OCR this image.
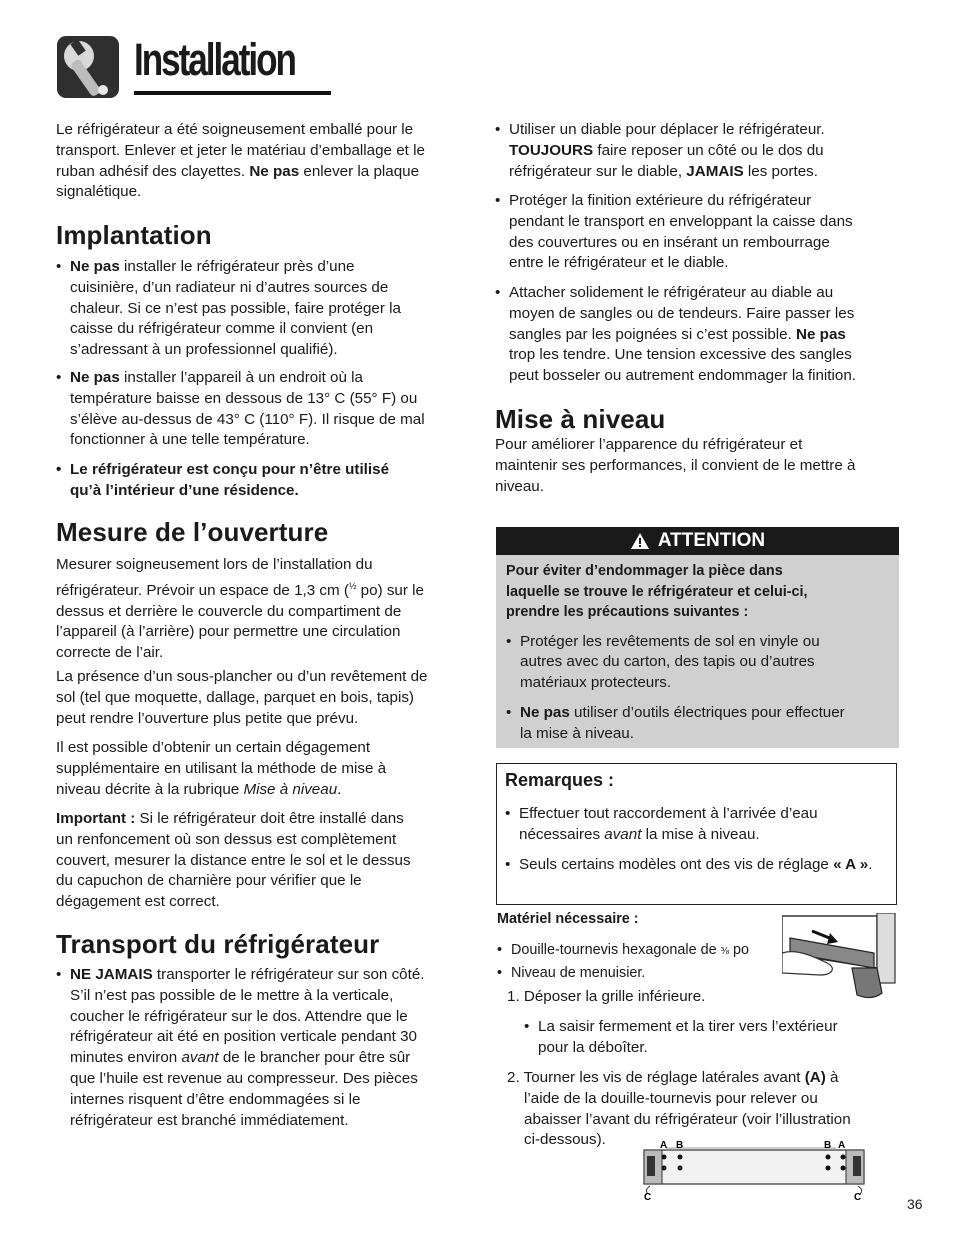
Installation

Le réfrigérateur a été soigneusement emballé pour le
transport. Enlever et jeter le matériau d’emballage et le
ruban adhésif des clayettes. Ne pas enlever la plaque
signalétique.

Implantation

• Ne pas installer le réfrigérateur près d’une
cuisinière, d’un radiateur ni d’autres sources de
chaleur. Si ce n’est pas possible, faire protéger la
caisse du réfrigérateur comme il convient (en
s’adressant à un professionnel qualifié).

• Ne pas installer l’appareil à un endroit où la
température baisse en dessous de 13° C (55° F) ou
s’élève au-dessus de 43° C (110° F). Il risque de mal
fonctionner à une telle température.

• Le réfrigérateur est conçu pour n’être utilisé
qu’à l’intérieur d’une résidence.

Mesure de l’ouverture

Mesurer soigneusement lors de l’installation du
réfrigérateur. Prévoir un espace de 1,3 cm ($^{\frac{1}{2}}$ po) sur le
dessus et derrière le couvercle du compartiment de
l’appareil (à l’arrière) pour permettre une circulation
correcte de l’air.

La présence d’un sous-plancher ou d’un revêtement de
sol (tel que moquette, dallage, parquet en bois, tapis)
peut rendre l’ouverture plus petite que prévu.

Il est possible d’obtenir un certain dégagement
supplémentaire en utilisant la méthode de mise à
niveau décrite à la rubrique Mise à niveau.

Important : Si le réfrigérateur doit être installé dans
un renfoncement où son dessus est complètement
couvert, mesurer la distance entre le sol et le dessus
du capuchon de charnière pour vérifier que le
dégagement est correct.

Transport du réfrigérateur

• NE JAMAIS transporter le réfrigérateur sur son côté.
S’il n’est pas possible de le mettre à la verticale,
coucher le réfrigérateur sur le dos. Attendre que le
réfrigérateur ait été en position verticale pendant 30
minutes environ avant de le brancher pour être sûr
que l’huile est revenue au compresseur. Des pièces
internes risquent d’être endommagées si le
réfrigérateur est branché immédiatement.

• Utiliser un diable pour déplacer le réfrigérateur.
TOUJOURS faire reposer un côté ou le dos du
réfrigérateur sur le diable, JAMAIS les portes.

• Protéger la finition extérieure du réfrigérateur
pendant le transport en enveloppant la caisse dans
des couvertures ou en insérant un rembourrage
entre le réfrigérateur et le diable.

• Attacher solidement le réfrigérateur au diable au
moyen de sangles ou de tendeurs. Faire passer les
sangles par les poignées si c’est possible. Ne pas
trop les tendre. Une tension excessive des sangles
peut bosseler ou autrement endommager la finition.

Mise à niveau

Pour améliorer l’apparence du réfrigérateur et
maintenir ses performances, il convient de le mettre à
niveau.

ATTENTION

Pour éviter d’endommager la pièce dans
laquelle se trouve le réfrigérateur et celui-ci,
prendre les précautions suivantes :

• Protéger les revêtements de sol en vinyle ou
autres avec du carton, des tapis ou d’autres
matériaux protecteurs.

• Ne pas utiliser d’outils électriques pour effectuer
la mise à niveau.

Remarques :

• Effectuer tout raccordement à l’arrivée d’eau
nécessaires avant la mise à niveau.

• Seuls certains modèles ont des vis de réglage « A ».

Matériel nécessaire :

• Douille-tournevis hexagonale de ⅜ po

• Niveau de menuisier.

1. Déposer la grille inférieure.

• La saisir fermement et la tirer vers l’extérieur
pour la déboîter.

2. Tourner les vis de réglage latérales avant (A) à
l’aide de la douille-tournevis pour relever ou
abaisser l’avant du réfrigérateur (voir l’illustration
ci-dessous).	A B	B A
C	C	36
